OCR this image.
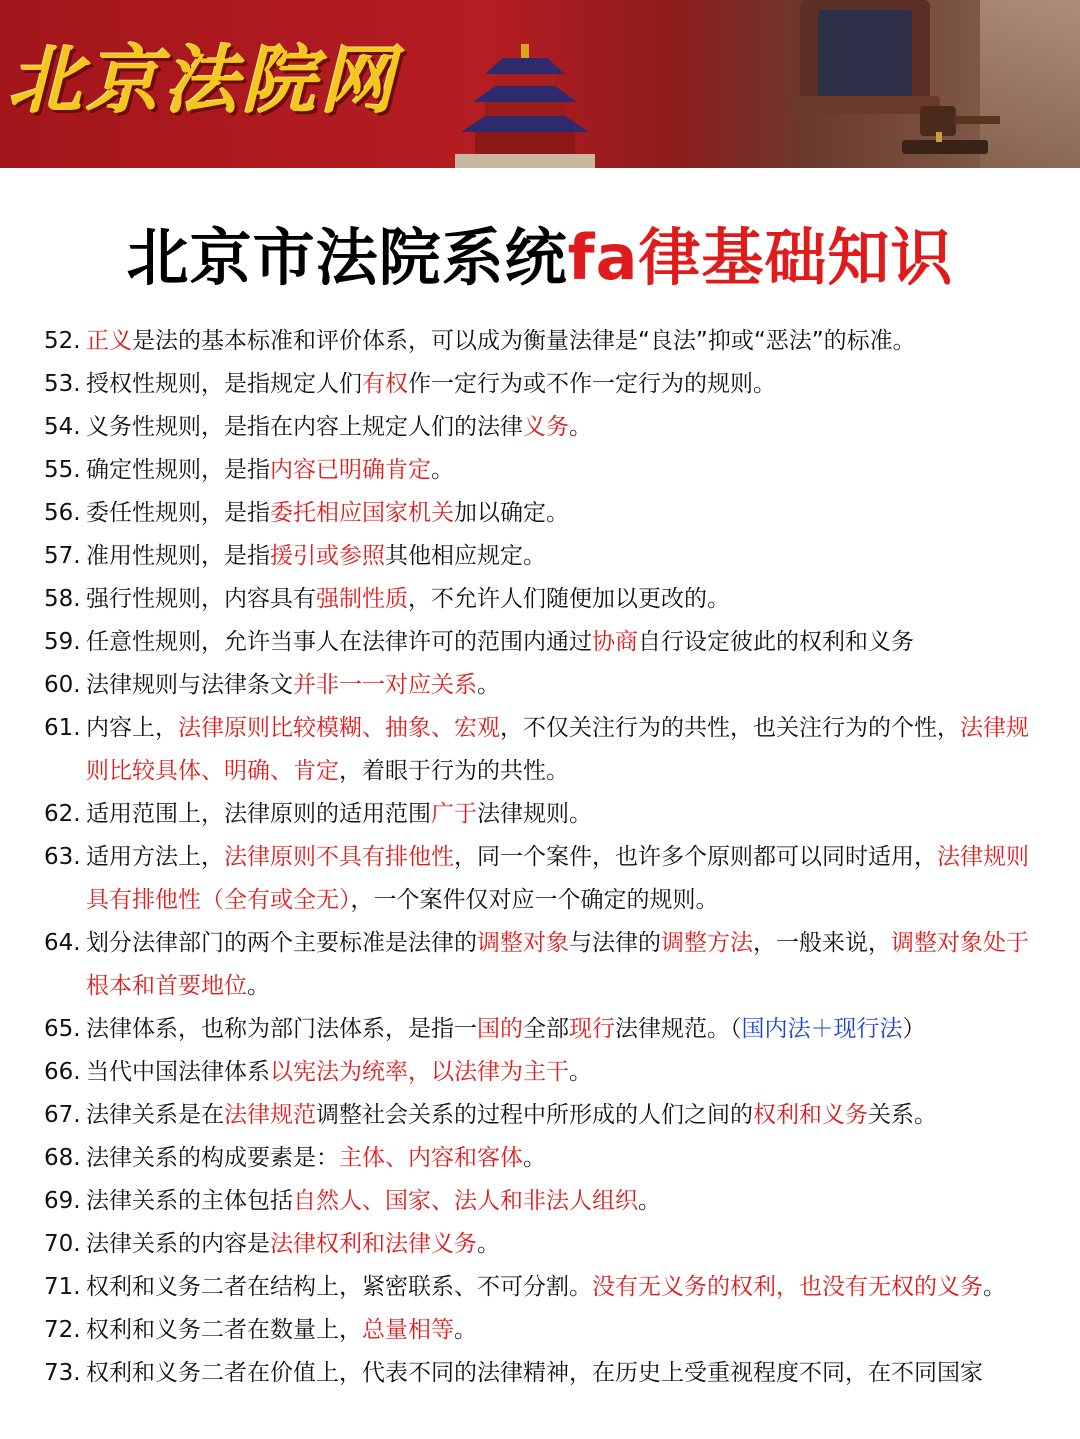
北京法院网
北京市法院系统fa律基础知识
52. 正义是法的基本标准和评价体系，可以成为衡量法律是“良法”抑或“恶法”的标准。
53. 授权性规则，是指规定人们有权作一定行为或不作一定行为的规则。
54. 义务性规则，是指在内容上规定人们的法律义务。
55. 确定性规则，是指内容已明确肯定。
56. 委任性规则，是指委托相应国家机关加以确定。
57. 准用性规则，是指援引或参照其他相应规定。
58. 强行性规则，内容具有强制性质，不允许人们随便加以更改的。
59. 任意性规则，允许当事人在法律许可的范围内通过协商自行设定彼此的权利和义务
60. 法律规则与法律条文并非一一对应关系。
61. 内容上，法律原则比较模糊、抽象、宏观，不仅关注行为的共性，也关注行为的个性，法律规则比较具体、明确、肯定，着眼于行为的共性。
62. 适用范围上，法律原则的适用范围广于法律规则。
63. 适用方法上，法律原则不具有排他性，同一个案件，也许多个原则都可以同时适用，法律规则具有排他性（全有或全无），一个案件仅对应一个确定的规则。
64. 划分法律部门的两个主要标准是法律的调整对象与法律的调整方法，一般来说，调整对象处于根本和首要地位。
65. 法律体系，也称为部门法体系，是指一国的全部现行法律规范。（国内法＋现行法）
66. 当代中国法律体系以宪法为统率，以法律为主干。
67. 法律关系是在法律规范调整社会关系的过程中所形成的人们之间的权利和义务关系。
68. 法律关系的构成要素是：主体、内容和客体。
69. 法律关系的主体包括自然人、国家、法人和非法人组织。
70. 法律关系的内容是法律权利和法律义务。
71. 权利和义务二者在结构上，紧密联系、不可分割。没有无义务的权利，也没有无权的义务。
72. 权利和义务二者在数量上，总量相等。
73. 权利和义务二者在价值上，代表不同的法律精神，在历史上受重视程度不同，在不同国家
